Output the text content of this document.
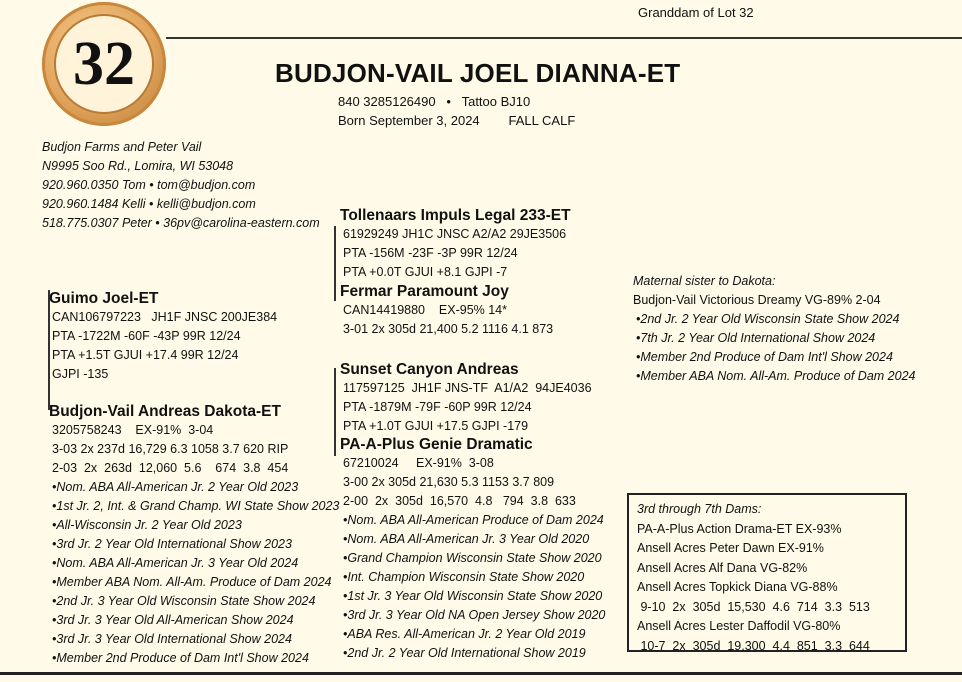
Granddam of Lot 32
32	BUDJON-VAIL JOEL DIANNA-ET
840 3285126490   •   Tattoo BJ10
Born September 3, 2024        FALL CALF
Budjon Farms and Peter Vail
N9995 Soo Rd., Lomira, WI 53048
920.960.0350 Tom • tom@budjon.com
920.960.1484 Kelli • kelli@budjon.com
518.775.0307 Peter • 36pv@carolina-eastern.com Tollenaars Impuls Legal 233-ET
61929249 JH1C JNSC A2/A2 29JE3506
PTA -156M -23F -3P 99R 12/24
PTA +0.0T GJUI +8.1 GJPI -7
Fermar Paramount Joy
CAN14419880    EX-95% 14*
3-01 2x 305d 21,400 5.2 1116 4.1 873
Guimo Joel-ET
CAN106797223   JH1F JNSC 200JE384
PTA -1722M -60F -43P 99R 12/24
PTA +1.5T GJUI +17.4 99R 12/24
GJPI -135	Sunset Canyon Andreas
117597125  JH1F JNS-TF  A1/A2  94JE4036
PTA -1879M -79F -60P 99R 12/24
PTA +1.0T GJUI +17.5 GJPI -179
PA-A-Plus Genie Dramatic
67210024     EX-91%  3-08
3-00 2x 305d 21,630 5.3 1153 3.7 809
2-00  2x  305d  16,570  4.8   794  3.8  633
•Nom. ABA All-American Produce of Dam 2024
•Nom. ABA All-American Jr. 3 Year Old 2020
•Grand Champion Wisconsin State Show 2020
•Int. Champion Wisconsin State Show 2020
•1st Jr. 3 Year Old Wisconsin State Show 2020
•3rd Jr. 3 Year Old NA Open Jersey Show 2020
•ABA Res. All-American Jr. 2 Year Old 2019
•2nd Jr. 2 Year Old International Show 2019
Budjon-Vail Andreas Dakota-ET
3205758243    EX-91%  3-04
3-03 2x 237d 16,729 6.3 1058 3.7 620 RIP
2-03  2x  263d  12,060  5.6    674  3.8  454
•Nom. ABA All-American Jr. 2 Year Old 2023
•1st Jr. 2, Int. & Grand Champ. WI State Show 2023
•All-Wisconsin Jr. 2 Year Old 2023
•3rd Jr. 2 Year Old International Show 2023
•Nom. ABA All-American Jr. 3 Year Old 2024
•Member ABA Nom. All-Am. Produce of Dam 2024
•2nd Jr. 3 Year Old Wisconsin State Show 2024
•3rd Jr. 3 Year Old All-American Show 2024
•3rd Jr. 3 Year Old International Show 2024
•Member 2nd Produce of Dam Int'l Show 2024
Maternal sister to Dakota:
Budjon-Vail Victorious Dreamy VG-89% 2-04
•2nd Jr. 2 Year Old Wisconsin State Show 2024
•7th Jr. 2 Year Old International Show 2024
•Member 2nd Produce of Dam Int'l Show 2024
•Member ABA Nom. All-Am. Produce of Dam 2024
3rd through 7th Dams:
PA-A-Plus Action Drama-ET EX-93%
Ansell Acres Peter Dawn EX-91%
Ansell Acres Alf Dana VG-82%
Ansell Acres Topkick Diana VG-88%
9-10  2x  305d  15,530  4.6  714  3.3  513
Ansell Acres Lester Daffodil VG-80%
10-7  2x  305d  19,300  4.4  851  3.3  644
